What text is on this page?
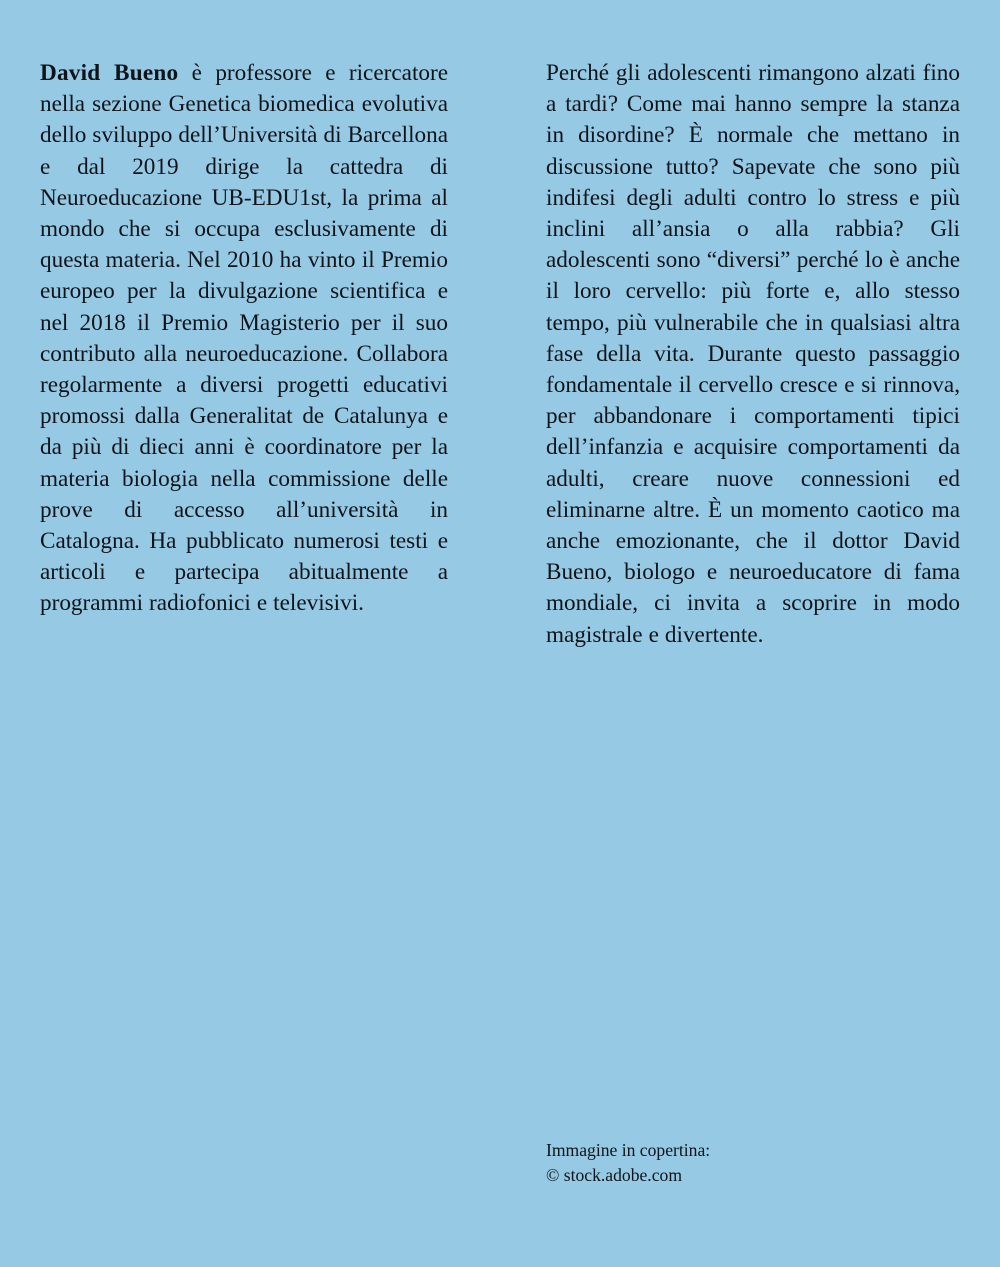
David Bueno è professore e ricercatore nella sezione Genetica biomedica evolutiva dello sviluppo dell’Università di Barcellona e dal 2019 dirige la cattedra di Neuroeducazione UB-EDU1st, la prima al mondo che si occupa esclusivamente di questa materia. Nel 2010 ha vinto il Premio europeo per la divulgazione scientifica e nel 2018 il Premio Magisterio per il suo contributo alla neuroeducazione. Collabora regolarmente a diversi progetti educativi promossi dalla Generalitat de Catalunya e da più di dieci anni è coordinatore per la materia biologia nella commissione delle prove di accesso all’università in Catalogna. Ha pubblicato numerosi testi e articoli e partecipa abitualmente a programmi radiofonici e televisivi.

Perché gli adolescenti rimangono alzati fino a tardi? Come mai hanno sempre la stanza in disordine? È normale che mettano in discussione tutto? Sapevate che sono più indifesi degli adulti contro lo stress e più inclini all’ansia o alla rabbia? Gli adolescenti sono “diversi” perché lo è anche il loro cervello: più forte e, allo stesso tempo, più vulnerabile che in qualsiasi altra fase della vita. Durante questo passaggio fondamentale il cervello cresce e si rinnova, per abbandonare i comportamenti tipici dell’infanzia e acquisire comportamenti da adulti, creare nuove connessioni ed eliminarne altre. È un momento caotico ma anche emozionante, che il dottor David Bueno, biologo e neuroeducatore di fama mondiale, ci invita a scoprire in modo magistrale e divertente.

Immagine in copertina:
© stock.adobe.com
